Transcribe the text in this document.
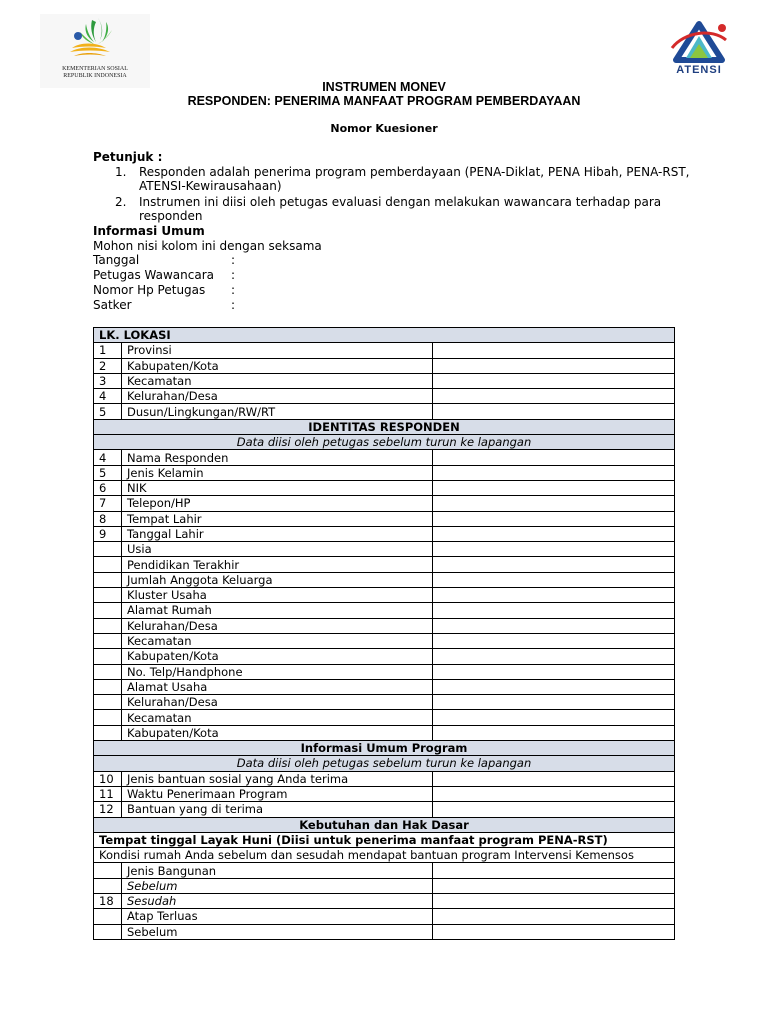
KEMENTERIAN SOSIAL
REPUBLIK INDONESIA	ATENSI
INSTRUMEN MONEV
RESPONDEN: PENERIMA MANFAAT PROGRAM PEMBERDAYAAN
Nomor Kuesioner
Petunjuk :
1. Responden adalah penerima program pemberdayaan (PENA-Diklat, PENA Hibah, PENA-RST,
ATENSI-Kewirausahaan)
2. Instrumen ini diisi oleh petugas evaluasi dengan melakukan wawancara terhadap para
responden
Informasi Umum
Mohon nisi kolom ini dengan seksama
Tanggal	:
Petugas Wawancara :
Nomor Hp Petugas :
Satker	:
LK. LOKASI		
1	Provinsi	
2	Kabupaten/Kota	
3	Kecamatan	
4	Kelurahan/Desa	
5	Dusun/Lingkungan/RW/RT	
IDENTITAS RESPONDEN		
Data diisi oleh petugas sebelum turun ke lapangan		
4	Nama Responden	
5	Jenis Kelamin	
6	NIK	
7	Telepon/HP	
8	Tempat Lahir	
9	Tanggal Lahir	
	Usia	
	Pendidikan Terakhir	
	Jumlah Anggota Keluarga	
	Kluster Usaha	
	Alamat Rumah	
	Kelurahan/Desa	
	Kecamatan	
	Kabupaten/Kota	
	No. Telp/Handphone	
	Alamat Usaha	
	Kelurahan/Desa	
	Kecamatan	
	Kabupaten/Kota	
Informasi Umum Program		
Data diisi oleh petugas sebelum turun ke lapangan		
10	Jenis bantuan sosial yang Anda terima	
11	Waktu Penerimaan Program	
12	Bantuan yang di terima	
Kebutuhan dan Hak Dasar		
Tempat tinggal Layak Huni (Diisi untuk penerima manfaat program PENA-RST)		
Kondisi rumah Anda sebelum dan sesudah mendapat bantuan program Intervensi Kemensos		
	Jenis Bangunan	
	Sebelum	
18	Sesudah	
	Atap Terluas	
	Sebelum	
